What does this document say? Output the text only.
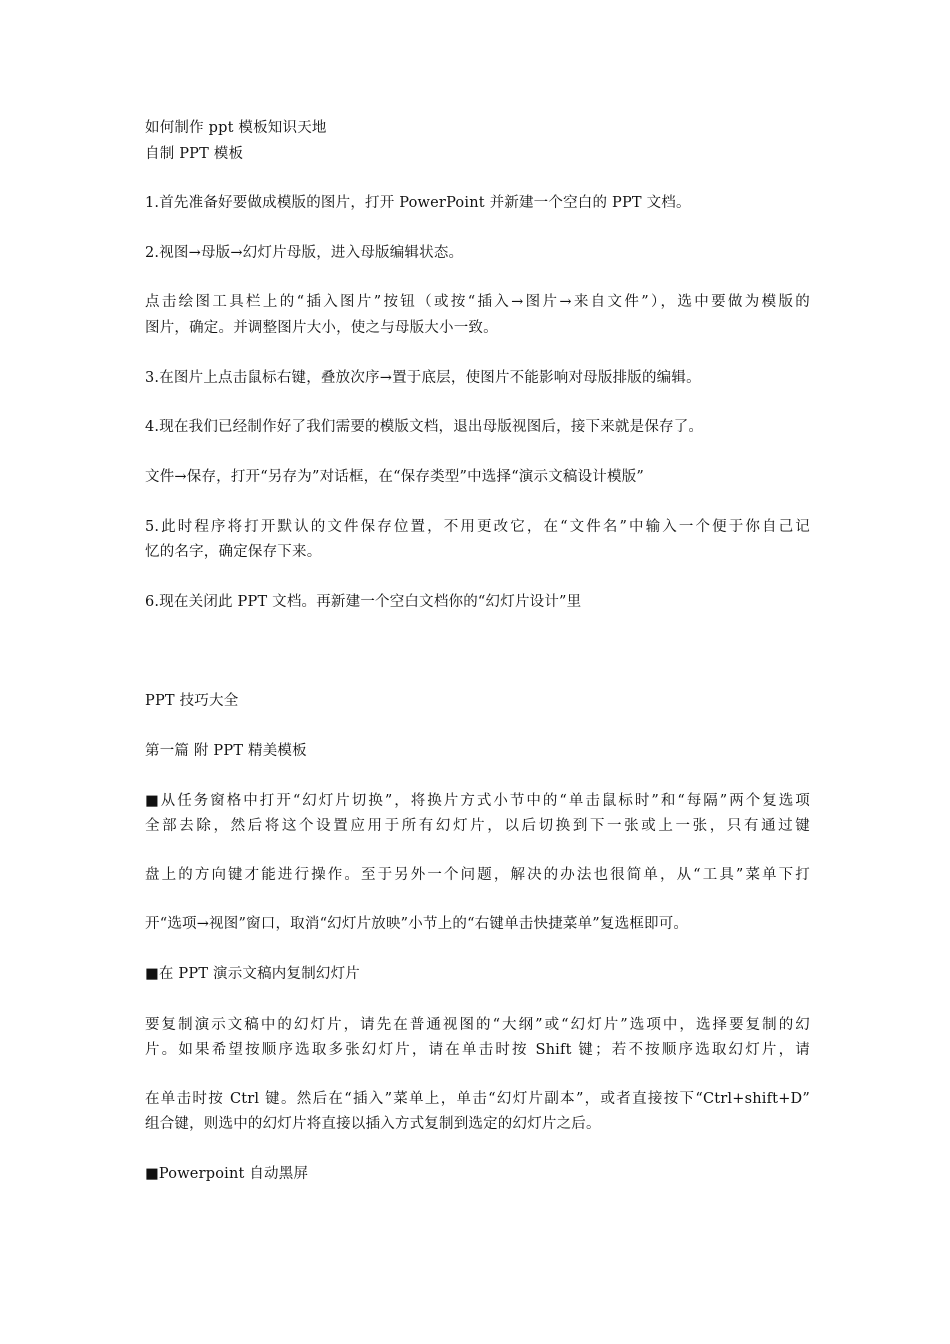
如何制作 ppt 模板知识天地
自制 PPT 模板
1.首先准备好要做成模版的图片，打开 PowerPoint 并新建一个空白的 PPT 文档。
2.视图→母版→幻灯片母版，进入母版编辑状态。
点击绘图工具栏上的“插入图片”按钮（或按“插入→图片→来自文件”），选中要做为模版的
图片，确定。并调整图片大小，使之与母版大小一致。
3.在图片上点击鼠标右键，叠放次序→置于底层，使图片不能影响对母版排版的编辑。
4.现在我们已经制作好了我们需要的模版文档，退出母版视图后，接下来就是保存了。
文件→保存，打开“另存为”对话框，在“保存类型”中选择“演示文稿设计模版”
5.此时程序将打开默认的文件保存位置，不用更改它，在“文件名”中输入一个便于你自己记
忆的名字，确定保存下来。
6.现在关闭此 PPT 文档。再新建一个空白文档你的“幻灯片设计”里
PPT 技巧大全
第一篇 附 PPT 精美模板
■从任务窗格中打开“幻灯片切换”，将换片方式小节中的“单击鼠标时”和“每隔”两个复选项
全部去除，然后将这个设置应用于所有幻灯片，以后切换到下一张或上一张，只有通过键
盘上的方向键才能进行操作。至于另外一个问题，解决的办法也很简单，从“工具”菜单下打
开“选项→视图”窗口，取消“幻灯片放映”小节上的“右键单击快捷菜单”复选框即可。
■在 PPT 演示文稿内复制幻灯片
要复制演示文稿中的幻灯片，请先在普通视图的“大纲”或“幻灯片”选项中，选择要复制的幻
片。如果希望按顺序选取多张幻灯片，请在单击时按 Shift 键；若不按顺序选取幻灯片，请
在单击时按 Ctrl 键。然后在“插入”菜单上，单击“幻灯片副本”，或者直接按下“Ctrl+shift+D”
组合键，则选中的幻灯片将直接以插入方式复制到选定的幻灯片之后。
■Powerpoint 自动黑屏
